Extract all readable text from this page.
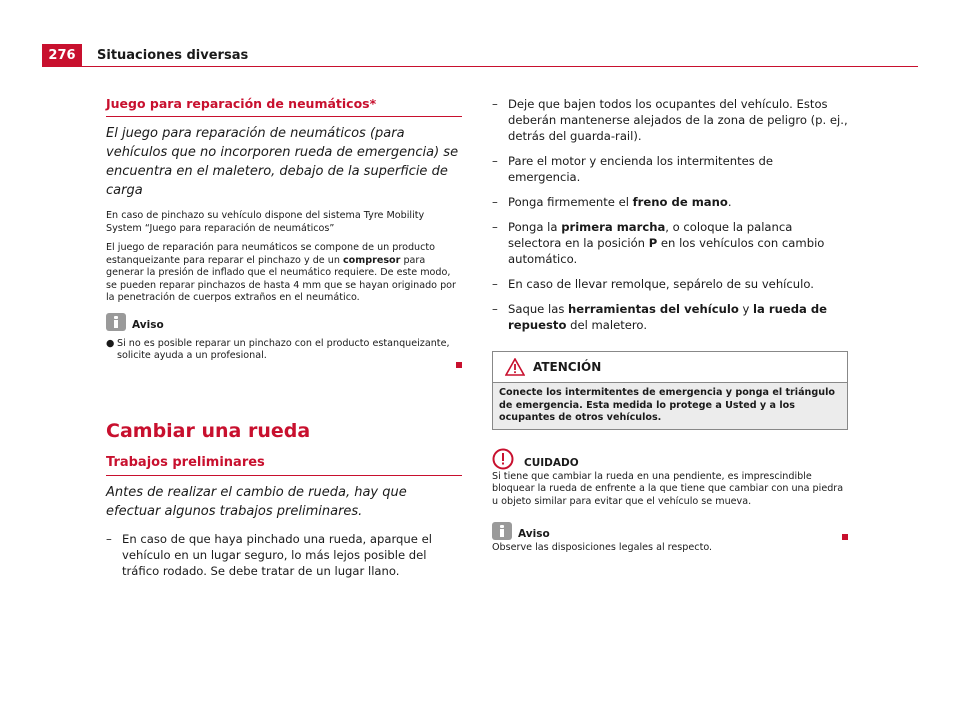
276	Situaciones diversas
Juego para reparación de neumáticos*

El juego para reparación de neumáticos (para vehículos que no incorporen rueda de emergencia) se encuentra en el maletero, debajo de la superficie de carga

En caso de pinchazo su vehículo dispone del sistema Tyre Mobility System “Juego para reparación de neumáticos”

El juego de reparación para neumáticos se compone de un producto estanqueizante para reparar el pinchazo y de un compresor para generar la presión de inflado que el neumático requiere. De este modo, se pueden reparar pinchazos de hasta 4 mm que se hayan originado por la penetración de cuerpos extraños en el neumático.

Aviso
● Si no es posible reparar un pinchazo con el producto estanqueizante, solicite ayuda a un profesional.
Cambiar una rueda
Trabajos preliminares

Antes de realizar el cambio de rueda, hay que efectuar algunos trabajos preliminares.

– En caso de que haya pinchado una rueda, aparque el vehículo en un lugar seguro, lo más lejos posible del tráfico rodado. Se debe tratar de un lugar llano.
– Deje que bajen todos los ocupantes del vehículo. Estos deberán mantenerse alejados de la zona de peligro (p. ej., detrás del guarda-rail).
– Pare el motor y encienda los intermitentes de emergencia.
– Ponga firmemente el freno de mano.
– Ponga la primera marcha, o coloque la palanca selectora en la posición P en los vehículos con cambio automático.
– En caso de llevar remolque, sepárelo de su vehículo.
– Saque las herramientas del vehículo y la rueda de repuesto del maletero.
ATENCIÓN
Conecte los intermitentes de emergencia y ponga el triángulo de emergencia. Esta medida lo protege a Usted y a los ocupantes de otros vehículos.
CUIDADO

Si tiene que cambiar la rueda en una pendiente, es imprescindible bloquear la rueda de enfrente a la que tiene que cambiar con una piedra u objeto similar para evitar que el vehículo se mueva.

Aviso
Observe las disposiciones legales al respecto.
